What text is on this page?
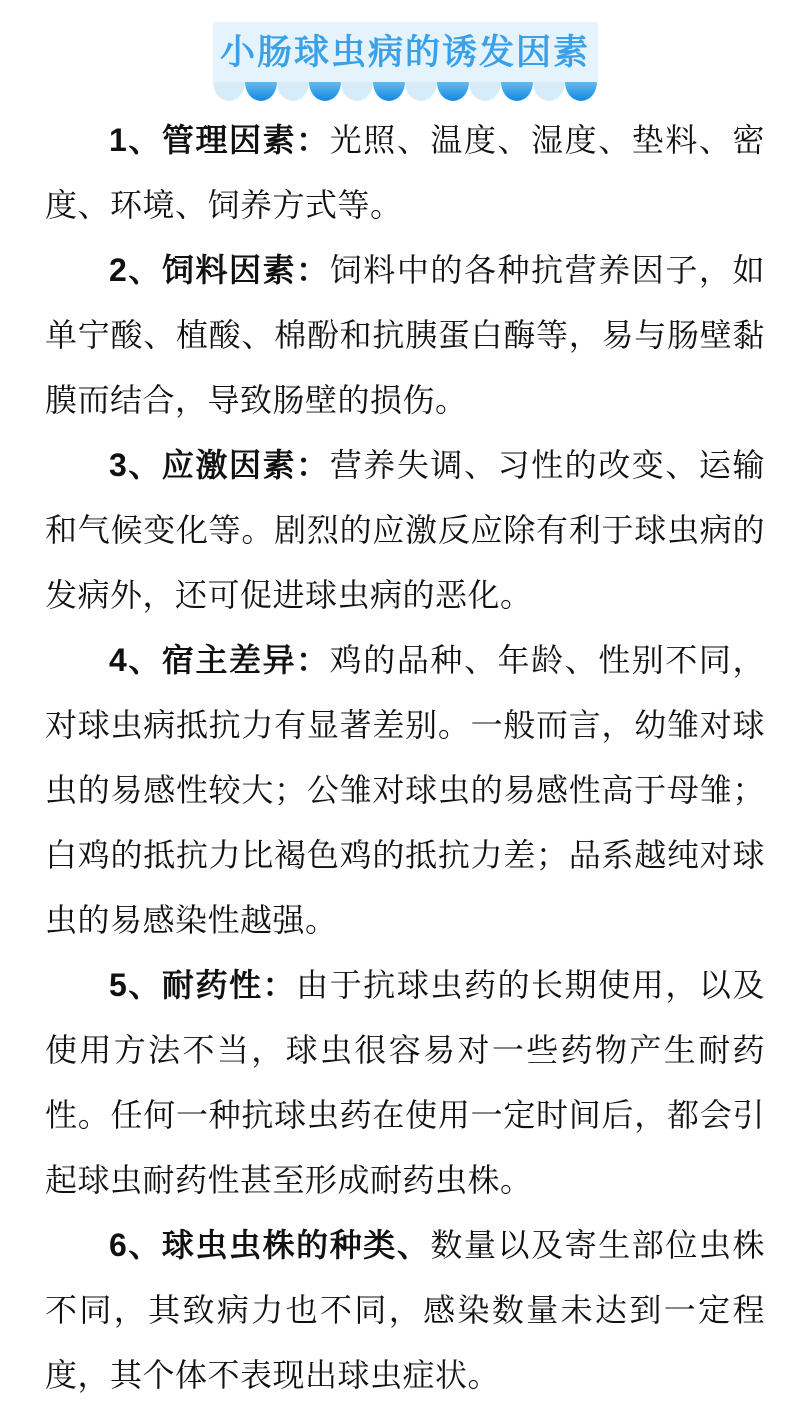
小肠球虫病的诱发因素

1、管理因素：光照、温度、湿度、垫料、密度、环境、饲养方式等。

2、饲料因素：饲料中的各种抗营养因子，如单宁酸、植酸、棉酚和抗胰蛋白酶等，易与肠壁黏膜而结合，导致肠壁的损伤。

3、应激因素：营养失调、习性的改变、运输和气候变化等。剧烈的应激反应除有利于球虫病的发病外，还可促进球虫病的恶化。

4、宿主差异：鸡的品种、年龄、性别不同，对球虫病抵抗力有显著差别。一般而言，幼雏对球虫的易感性较大；公雏对球虫的易感性高于母雏；白鸡的抵抗力比褐色鸡的抵抗力差；品系越纯对球虫的易感染性越强。

5、耐药性：由于抗球虫药的长期使用，以及使用方法不当，球虫很容易对一些药物产生耐药性。任何一种抗球虫药在使用一定时间后，都会引起球虫耐药性甚至形成耐药虫株。

6、球虫虫株的种类、数量以及寄生部位虫株不同，其致病力也不同，感染数量未达到一定程度，其个体不表现出球虫症状。
